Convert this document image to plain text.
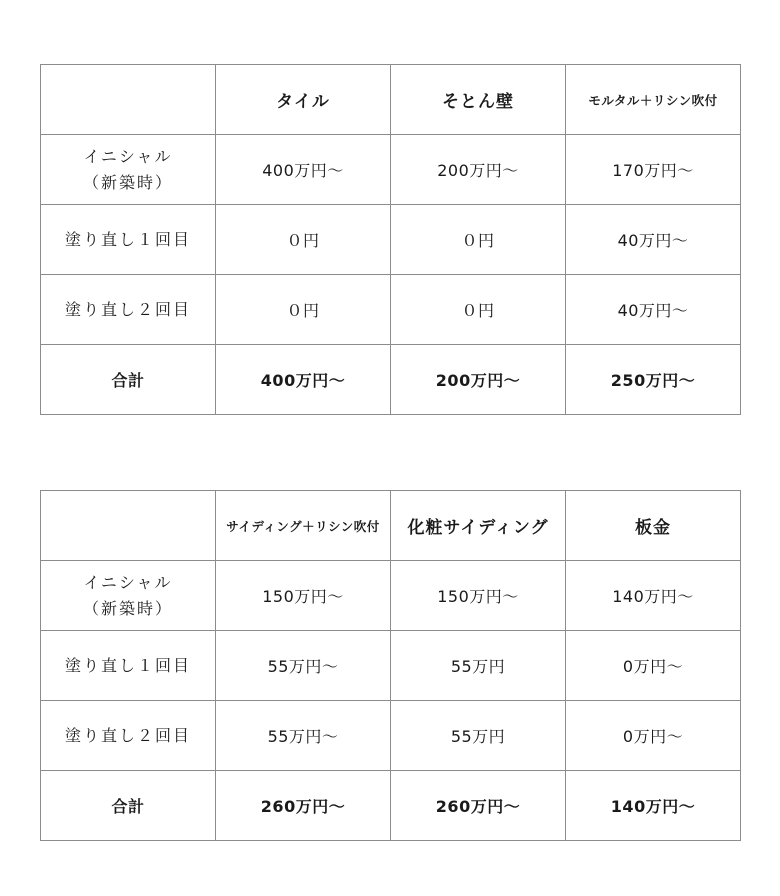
	タイル	そとん壁	モルタル＋リシン吹付

イニシャル
（新築時）	400万円〜	200万円〜	170万円〜
塗り直し１回目	０円	０円	40万円〜
塗り直し２回目	０円	０円	40万円〜
合計	400万円〜	200万円〜	250万円〜
	サイディング＋リシン吹付	化粧サイディング	板金

イニシャル
（新築時）	150万円〜	150万円〜	140万円〜
塗り直し１回目	55万円〜	55万円	0万円〜
塗り直し２回目	55万円〜	55万円	0万円〜
合計	260万円〜	260万円〜	140万円〜
